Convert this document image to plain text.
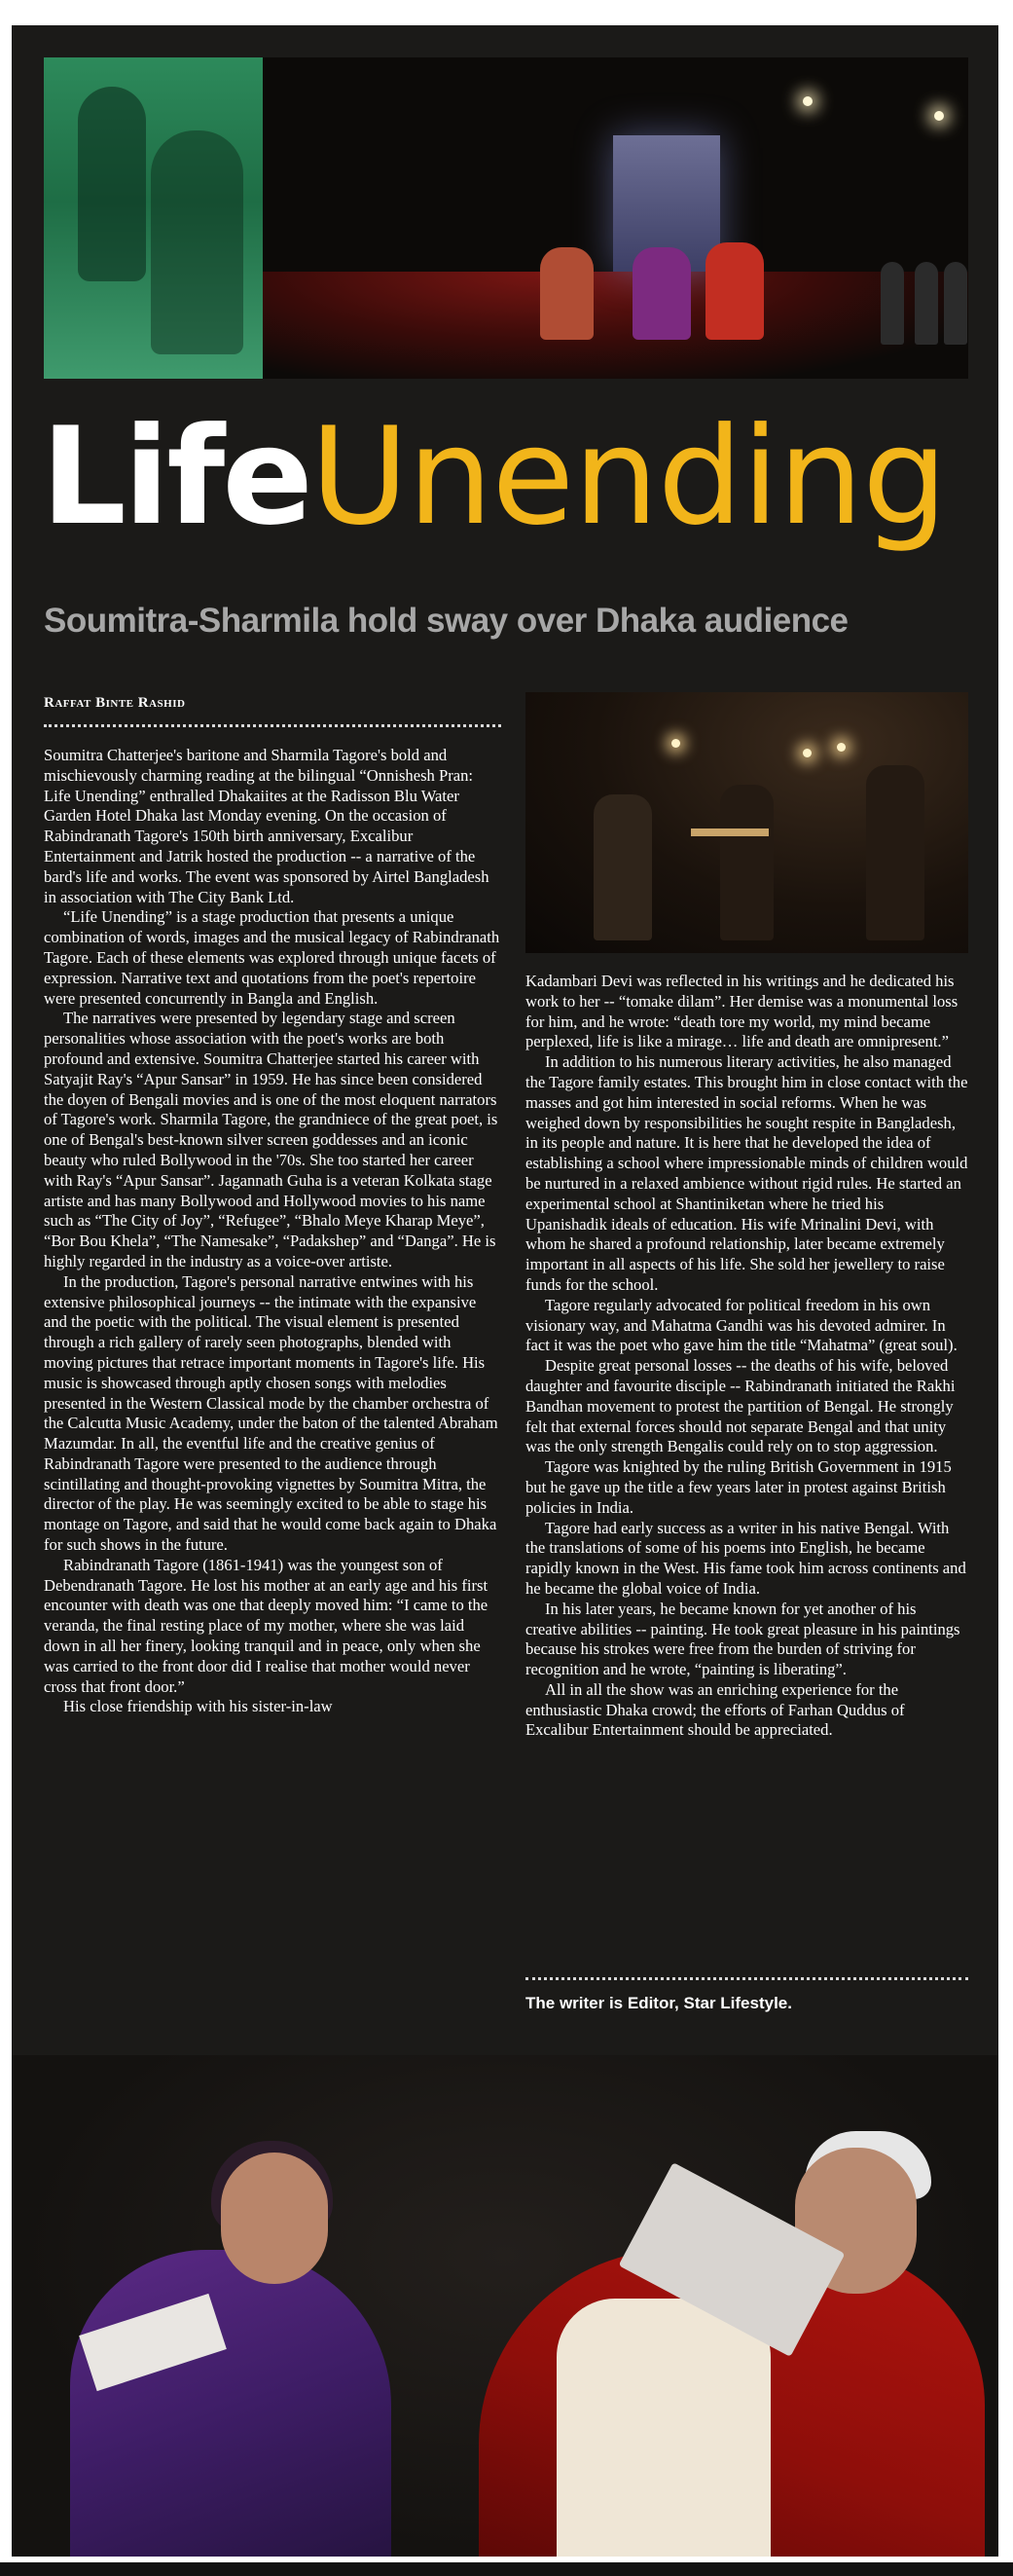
LifeUnending
Soumitra-Sharmila hold sway over Dhaka audience
Raffat Binte Rashid

Soumitra Chatterjee's baritone and Sharmila Tagore's bold and mischievously charming reading at the bilingual “Onnishesh Pran: Life Unending” enthralled Dhakaiites at the Radisson Blu Water Garden Hotel Dhaka last Monday evening. On the occasion of Rabindranath Tagore's 150th birth anniversary, Excalibur Entertainment and Jatrik hosted the production -- a narrative of the bard's life and works. The event was sponsored by Airtel Bangladesh in association with The City Bank Ltd.

“Life Unending” is a stage production that presents a unique combination of words, images and the musical legacy of Rabindranath Tagore. Each of these elements was explored through unique facets of expression. Narrative text and quotations from the poet's repertoire were presented concurrently in Bangla and English.

The narratives were presented by legendary stage and screen personalities whose association with the poet's works are both profound and extensive. Soumitra Chatterjee started his career with Satyajit Ray's “Apur Sansar” in 1959. He has since been considered the doyen of Bengali movies and is one of the most eloquent narrators of Tagore's work. Sharmila Tagore, the grandniece of the great poet, is one of Bengal's best-known silver screen goddesses and an iconic beauty who ruled Bollywood in the '70s. She too started her career with Ray's “Apur Sansar”. Jagannath Guha is a veteran Kolkata stage artiste and has many Bollywood and Hollywood movies to his name such as “The City of Joy”, “Refugee”, “Bhalo Meye Kharap Meye”, “Bor Bou Khela”, “The Namesake”, “Padakshep” and “Danga”. He is highly regarded in the industry as a voice-over artiste.

In the production, Tagore's personal narrative entwines with his extensive philosophical journeys -- the intimate with the expansive and the poetic with the political. The visual element is presented through a rich gallery of rarely seen photographs, blended with moving pictures that retrace important moments in Tagore's life. His music is showcased through aptly chosen songs with melodies presented in the Western Classical mode by the chamber orchestra of the Calcutta Music Academy, under the baton of the talented Abraham Mazumdar. In all, the eventful life and the creative genius of Rabindranath Tagore were presented to the audience through scintillating and thought-provoking vignettes by Soumitra Mitra, the director of the play. He was seemingly excited to be able to stage his montage on Tagore, and said that he would come back again to Dhaka for such shows in the future.

Rabindranath Tagore (1861-1941) was the youngest son of Debendranath Tagore. He lost his mother at an early age and his first encounter with death was one that deeply moved him: “I came to the veranda, the final resting place of my mother, where she was laid down in all her finery, looking tranquil and in peace, only when she was carried to the front door did I realise that mother would never cross that front door.”

His close friendship with his sister-in-law

Kadambari Devi was reflected in his writings and he dedicated his work to her -- “tomake dilam”. Her demise was a monumental loss for him, and he wrote: “death tore my world, my mind became perplexed, life is like a mirage… life and death are omnipresent.”

In addition to his numerous literary activities, he also managed the Tagore family estates. This brought him in close contact with the masses and got him interested in social reforms. When he was weighed down by responsibilities he sought respite in Bangladesh, in its people and nature. It is here that he developed the idea of establishing a school where impressionable minds of children would be nurtured in a relaxed ambience without rigid rules. He started an experimental school at Shantiniketan where he tried his Upanishadik ideals of education. His wife Mrinalini Devi, with whom he shared a profound relationship, later became extremely important in all aspects of his life. She sold her jewellery to raise funds for the school.

Tagore regularly advocated for political freedom in his own visionary way, and Mahatma Gandhi was his devoted admirer. In fact it was the poet who gave him the title “Mahatma” (great soul).

Despite great personal losses -- the deaths of his wife, beloved daughter and favourite disciple -- Rabindranath initiated the Rakhi Bandhan movement to protest the partition of Bengal. He strongly felt that external forces should not separate Bengal and that unity was the only strength Bengalis could rely on to stop aggression.

Tagore was knighted by the ruling British Government in 1915 but he gave up the title a few years later in protest against British policies in India.

Tagore had early success as a writer in his native Bengal. With the translations of some of his poems into English, he became rapidly known in the West. His fame took him across continents and he became the global voice of India.

In his later years, he became known for yet another of his creative abilities -- painting. He took great pleasure in his paintings because his strokes were free from the burden of striving for recognition and he wrote, “painting is liberating”.

All in all the show was an enriching experience for the enthusiastic Dhaka crowd; the efforts of Farhan Quddus of Excalibur Entertainment should be appreciated.

The writer is Editor, Star Lifestyle.
